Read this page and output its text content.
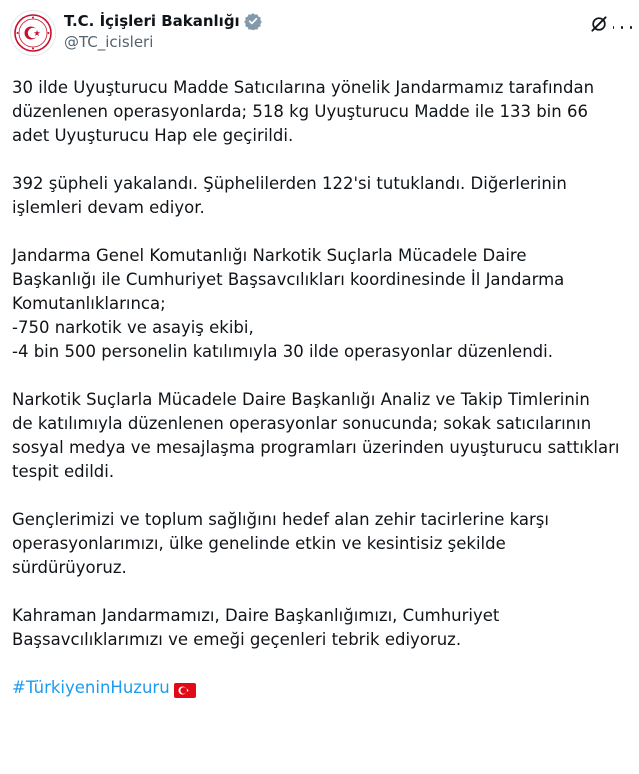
T.C. İçişleri Bakanlığı
@TC_icisleri

30 ilde Uyuşturucu Madde Satıcılarına yönelik Jandarmamız tarafından
düzenlenen operasyonlarda; 518 kg Uyuşturucu Madde ile 133 bin 66
adet Uyuşturucu Hap ele geçirildi.

392 şüpheli yakalandı. Şüphelilerden 122'si tutuklandı. Diğerlerinin
işlemleri devam ediyor.

Jandarma Genel Komutanlığı Narkotik Suçlarla Mücadele Daire
Başkanlığı ile Cumhuriyet Başsavcılıkları koordinesinde İl Jandarma
Komutanlıklarınca;
-750 narkotik ve asayiş ekibi,
-4 bin 500 personelin katılımıyla 30 ilde operasyonlar düzenlendi.

Narkotik Suçlarla Mücadele Daire Başkanlığı Analiz ve Takip Timlerinin
de katılımıyla düzenlenen operasyonlar sonucunda; sokak satıcılarının
sosyal medya ve mesajlaşma programları üzerinden uyuşturucu sattıkları
tespit edildi.

Gençlerimizi ve toplum sağlığını hedef alan zehir tacirlerine karşı
operasyonlarımızı, ülke genelinde etkin ve kesintisiz şekilde
sürdürüyoruz.

Kahraman Jandarmamızı, Daire Başkanlığımızı, Cumhuriyet
Başsavcılıklarımızı ve emeği geçenleri tebrik ediyoruz.

#TürkiyeninHuzuru
